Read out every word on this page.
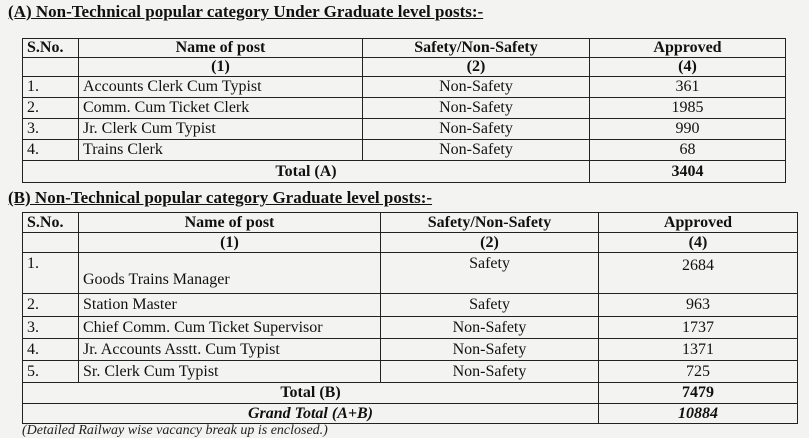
(A) Non-Technical popular category Under Graduate level posts:-
S.No.	Name of post	Safety/Non-Safety	Approved
	(1)	(2)	(4)
1.	Accounts Clerk Cum Typist	Non-Safety	361
2.	Comm. Cum Ticket Clerk	Non-Safety	1985
3.	Jr. Clerk Cum Typist	Non-Safety	990
4.	Trains Clerk	Non-Safety	68
Total (A)			3404
(B) Non-Technical popular category Graduate level posts:-
S.No.	Name of post	Safety/Non-Safety	Approved
	(1)	(2)	(4)
1.	Goods Trains Manager	Safety	2684
2.	Station Master	Safety	963
3.	Chief Comm. Cum Ticket Supervisor	Non-Safety	1737
4.	Jr. Accounts Asstt. Cum Typist	Non-Safety	1371
5.	Sr. Clerk Cum Typist	Non-Safety	725
Total (B)			7479
Grand Total (A+B)			10884
(Detailed Railway wise vacancy break up is enclosed.)
